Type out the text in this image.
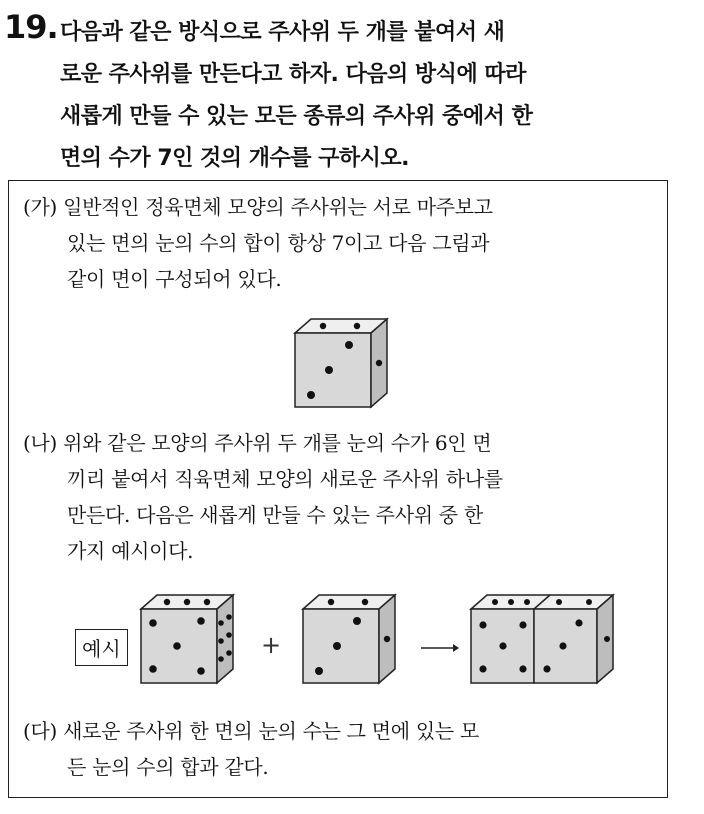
19. 다음과 같은 방식으로 주사위 두 개를 붙여서 새
로운 주사위를 만든다고 하자. 다음의 방식에 따라
새롭게 만들 수 있는 모든 종류의 주사위 중에서 한
면의 수가 7인 것의 개수를 구하시오.
(가) 일반적인 정육면체 모양의 주사위는 서로 마주보고
있는 면의 눈의 수의 합이 항상 7이고 다음 그림과
같이 면이 구성되어 있다.
(나) 위와 같은 모양의 주사위 두 개를 눈의 수가 6인 면
끼리 붙여서 직육면체 모양의 새로운 주사위 하나를
만든다. 다음은 새롭게 만들 수 있는 주사위 중 한
가지 예시이다.
예시	+
(다) 새로운 주사위 한 면의 눈의 수는 그 면에 있는 모
든 눈의 수의 합과 같다.
